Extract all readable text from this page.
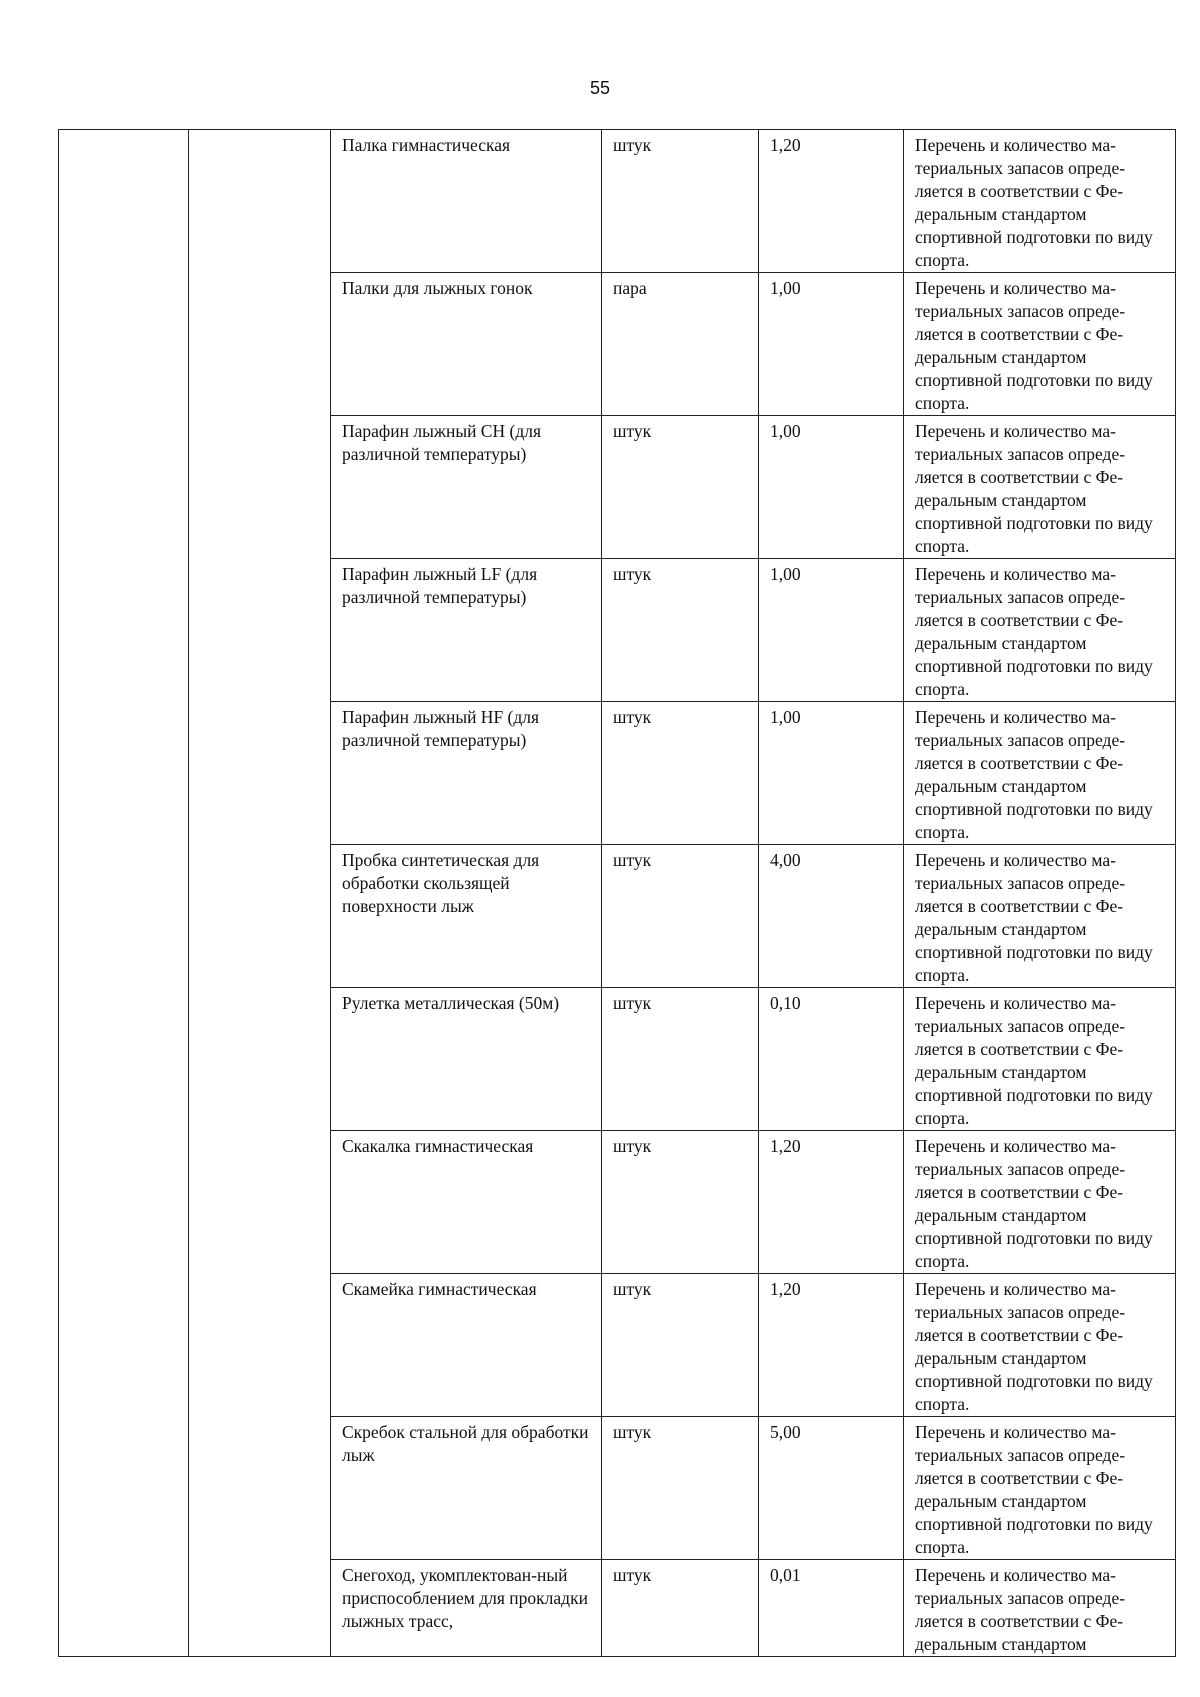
55
		Палка гимнастическая	штук	1,20	Перечень и количество ма-териальных запасов опреде-ляется в соответствии с Фе-деральным стандартом спортивной подготовки по виду спорта.
		Палки для лыжных гонок	пара	1,00	Перечень и количество ма-териальных запасов опреде-ляется в соответствии с Фе-деральным стандартом спортивной подготовки по виду спорта.
		Парафин лыжный CH (для различной температуры)	штук	1,00	Перечень и количество ма-териальных запасов опреде-ляется в соответствии с Фе-деральным стандартом спортивной подготовки по виду спорта.
		Парафин лыжный LF (для различной температуры)	штук	1,00	Перечень и количество ма-териальных запасов опреде-ляется в соответствии с Фе-деральным стандартом спортивной подготовки по виду спорта.
		Парафин лыжный HF (для различной температуры)	штук	1,00	Перечень и количество ма-териальных запасов опреде-ляется в соответствии с Фе-деральным стандартом спортивной подготовки по виду спорта.
		Пробка синтетическая для обработки скользящей поверхности лыж	штук	4,00	Перечень и количество ма-териальных запасов опреде-ляется в соответствии с Фе-деральным стандартом спортивной подготовки по виду спорта.
		Рулетка металлическая (50м)	штук	0,10	Перечень и количество ма-териальных запасов опреде-ляется в соответствии с Фе-деральным стандартом спортивной подготовки по виду спорта.
		Скакалка гимнастическая	штук	1,20	Перечень и количество ма-териальных запасов опреде-ляется в соответствии с Фе-деральным стандартом спортивной подготовки по виду спорта.
		Скамейка гимнастическая	штук	1,20	Перечень и количество ма-териальных запасов опреде-ляется в соответствии с Фе-деральным стандартом спортивной подготовки по виду спорта.
		Скребок стальной для обработки лыж	штук	5,00	Перечень и количество ма-териальных запасов опреде-ляется в соответствии с Фе-деральным стандартом спортивной подготовки по виду спорта.
		Снегоход, укомплектован-ный приспособлением для прокладки лыжных трасс,	штук	0,01	Перечень и количество ма-териальных запасов опреде-ляется в соответствии с Фе-деральным стандартом
